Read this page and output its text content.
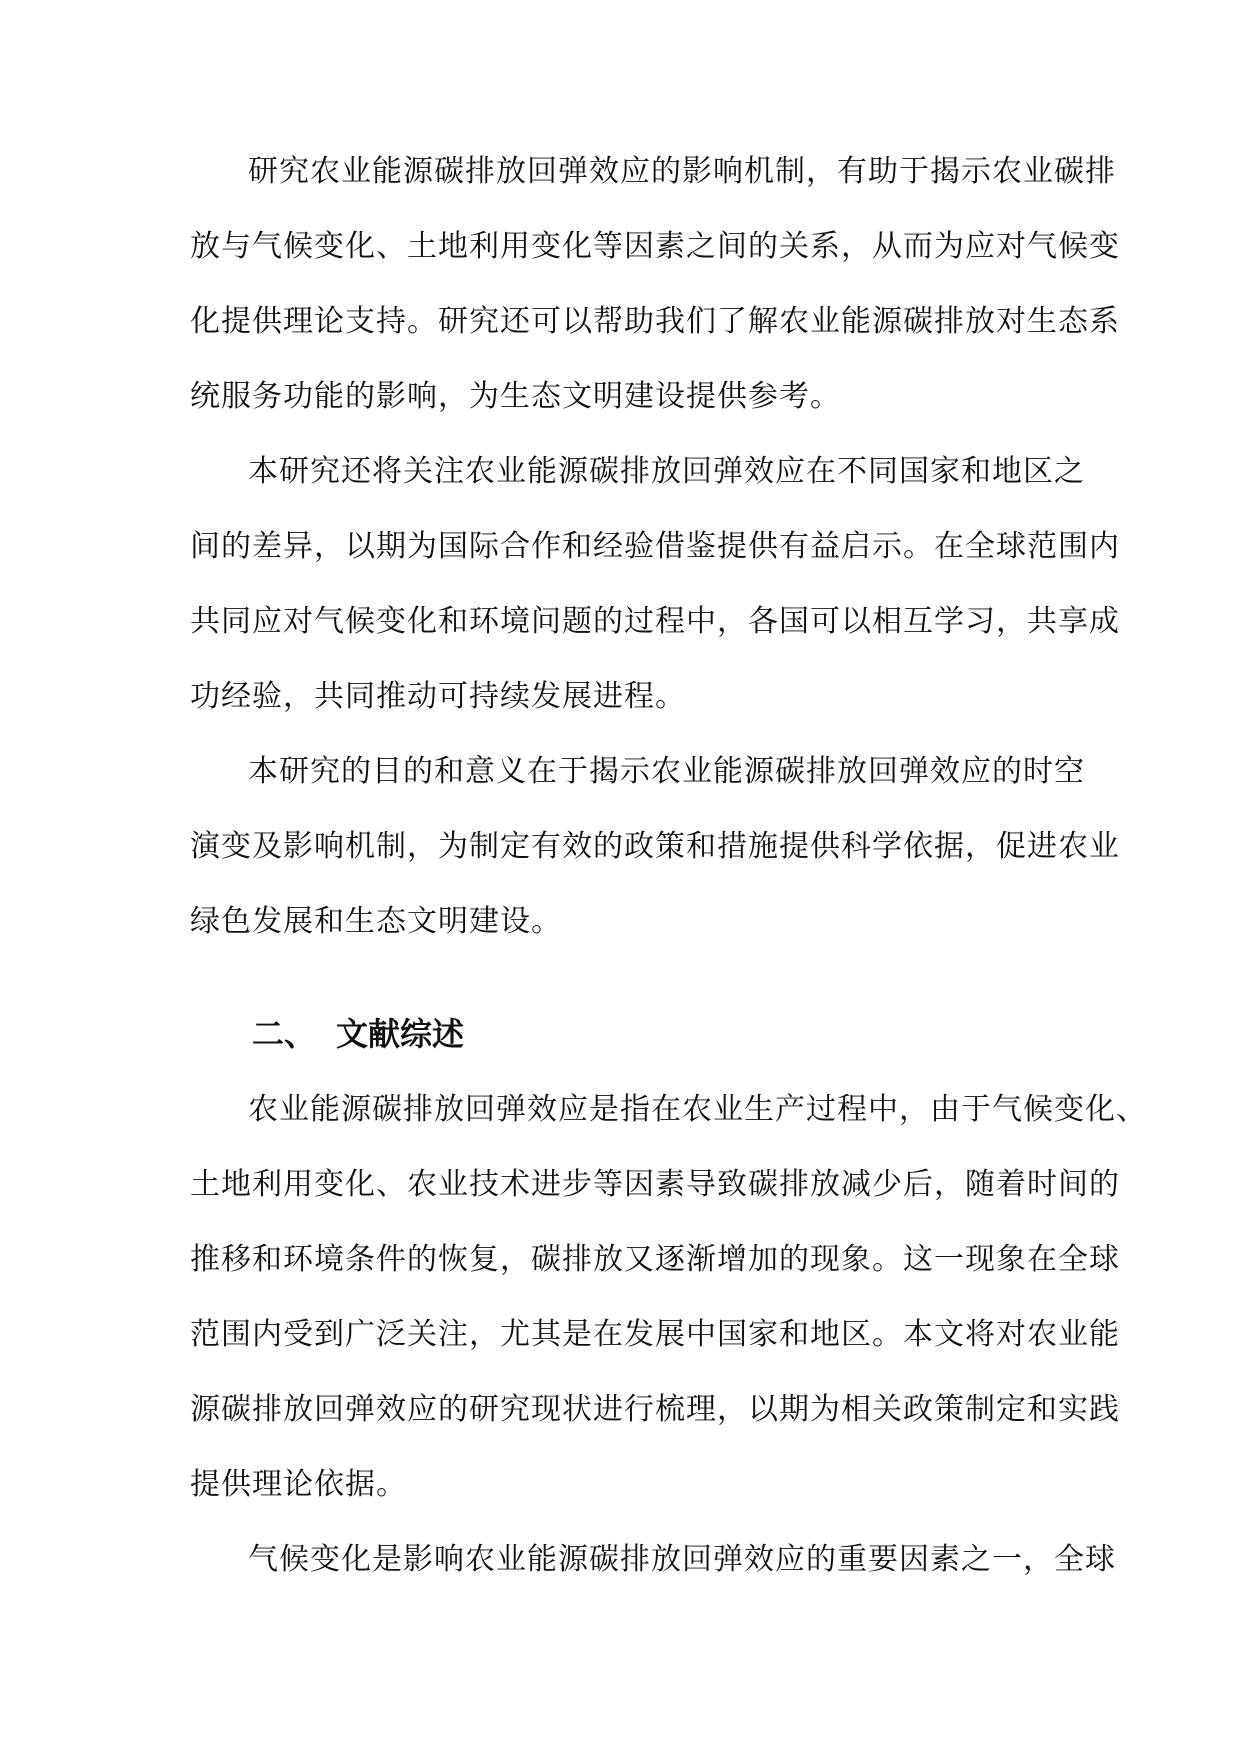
研究农业能源碳排放回弹效应的影响机制，有助于揭示农业碳排
放与气候变化、土地利用变化等因素之间的关系，从而为应对气候变
化提供理论支持。研究还可以帮助我们了解农业能源碳排放对生态系
统服务功能的影响，为生态文明建设提供参考。
本研究还将关注农业能源碳排放回弹效应在不同国家和地区之
间的差异，以期为国际合作和经验借鉴提供有益启示。在全球范围内
共同应对气候变化和环境问题的过程中，各国可以相互学习，共享成
功经验，共同推动可持续发展进程。
本研究的目的和意义在于揭示农业能源碳排放回弹效应的时空
演变及影响机制，为制定有效的政策和措施提供科学依据，促进农业
绿色发展和生态文明建设。
二、 文献综述
农业能源碳排放回弹效应是指在农业生产过程中，由于气候变化、
土地利用变化、农业技术进步等因素导致碳排放减少后，随着时间的
推移和环境条件的恢复，碳排放又逐渐增加的现象。这一现象在全球
范围内受到广泛关注，尤其是在发展中国家和地区。本文将对农业能
源碳排放回弹效应的研究现状进行梳理，以期为相关政策制定和实践
提供理论依据。
气候变化是影响农业能源碳排放回弹效应的重要因素之一，全球
